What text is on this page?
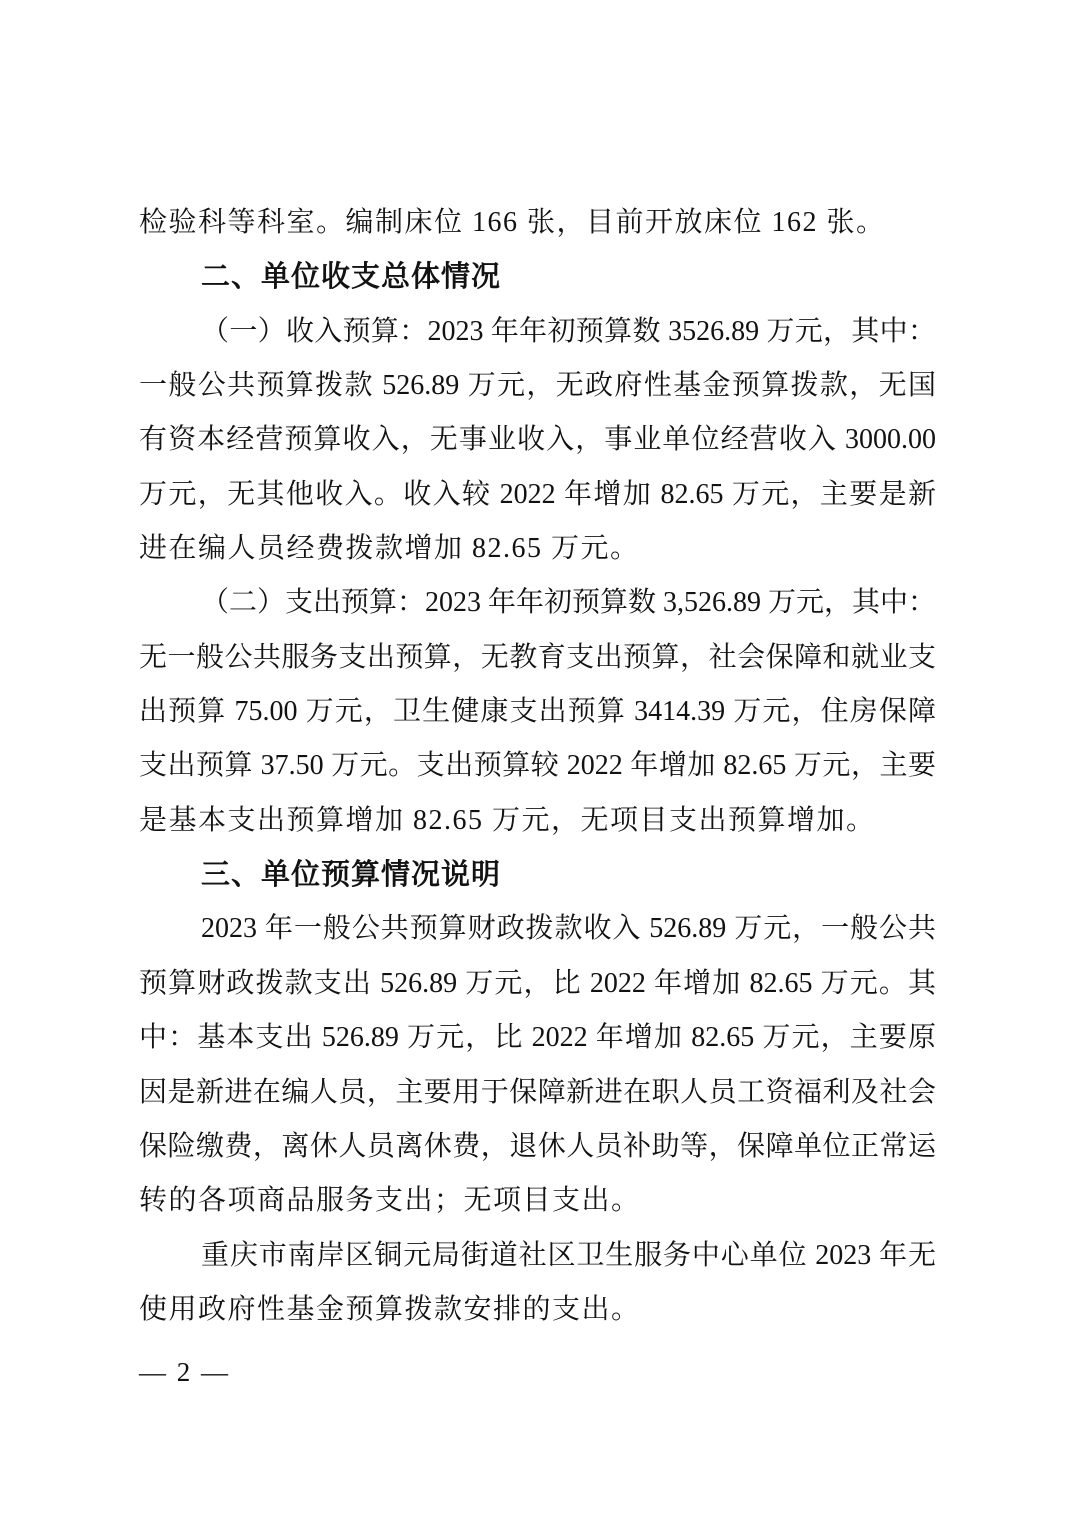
检验科等科室。编制床位 166 张，目前开放床位 162 张。
二、单位收支总体情况
（一）收入预算：2023 年年初预算数 3526.89 万元，其中：
一般公共预算拨款 526.89 万元，无政府性基金预算拨款，无国
有资本经营预算收入，无事业收入，事业单位经营收入 3000.00
万元，无其他收入。收入较 2022 年增加 82.65 万元，主要是新
进在编人员经费拨款增加 82.65 万元。
（二）支出预算：2023 年年初预算数 3,526.89 万元，其中：
无一般公共服务支出预算，无教育支出预算，社会保障和就业支
出预算 75.00 万元，卫生健康支出预算 3414.39 万元，住房保障
支出预算 37.50 万元。支出预算较 2022 年增加 82.65 万元，主要
是基本支出预算增加 82.65 万元，无项目支出预算增加。
三、单位预算情况说明
2023 年一般公共预算财政拨款收入 526.89 万元，一般公共
预算财政拨款支出 526.89 万元，比 2022 年增加 82.65 万元。其
中：基本支出 526.89 万元，比 2022 年增加 82.65 万元，主要原
因是新进在编人员，主要用于保障新进在职人员工资福利及社会
保险缴费，离休人员离休费，退休人员补助等，保障单位正常运
转的各项商品服务支出；无项目支出。
重庆市南岸区铜元局街道社区卫生服务中心单位 2023 年无
使用政府性基金预算拨款安排的支出。
— 2 —
